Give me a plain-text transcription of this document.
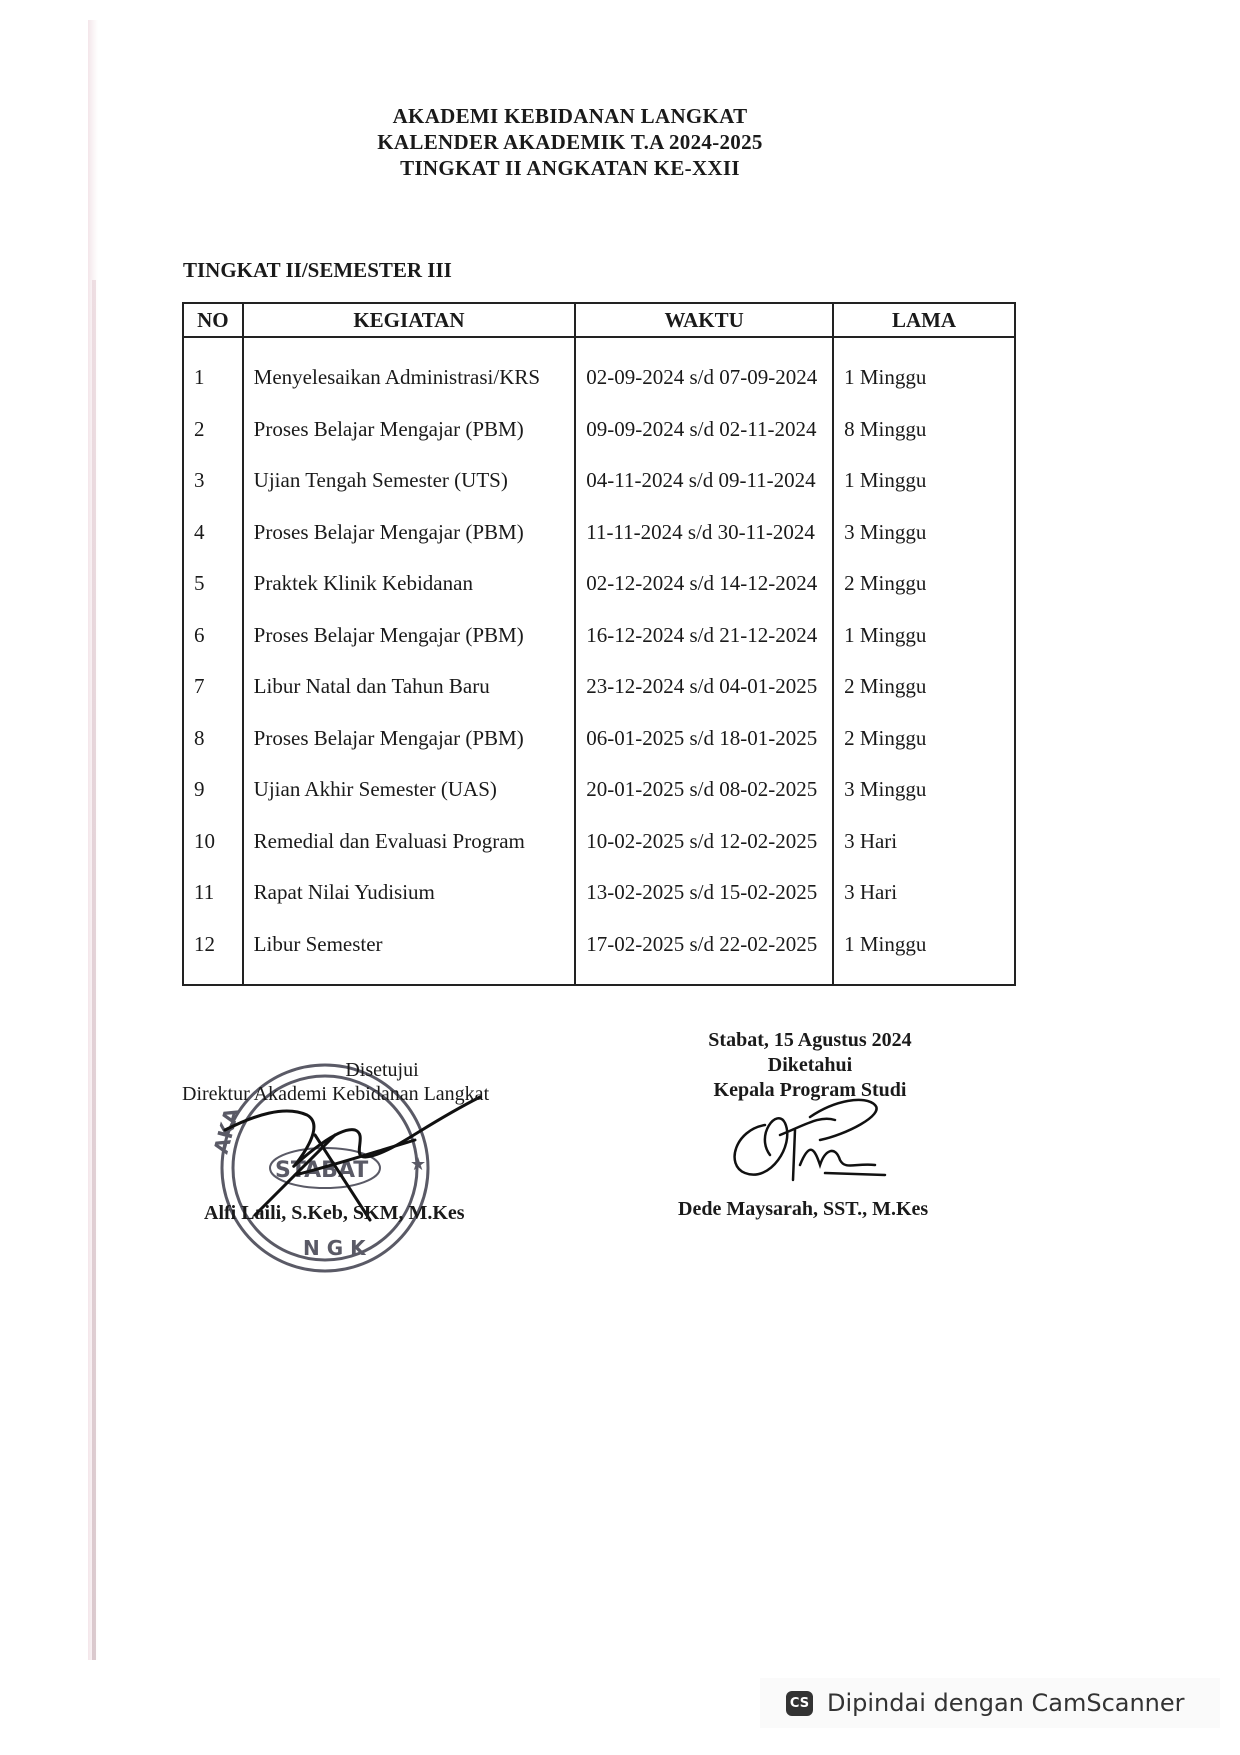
AKADEMI KEBIDANAN LANGKAT
KALENDER AKADEMIK T.A 2024-2025
TINGKAT II ANGKATAN KE-XXII
TINGKAT II/SEMESTER III
NO	KEGIATAN	WAKTU	LAMA
1	Menyelesaikan Administrasi/KRS	02-09-2024 s/d 07-09-2024	1 Minggu
2	Proses Belajar Mengajar (PBM)	09-09-2024 s/d 02-11-2024	8 Minggu
3	Ujian Tengah Semester (UTS)	04-11-2024 s/d 09-11-2024	1 Minggu
4	Proses Belajar Mengajar (PBM)	11-11-2024 s/d 30-11-2024	3 Minggu
5	Praktek Klinik Kebidanan	02-12-2024 s/d 14-12-2024	2 Minggu
6	Proses Belajar Mengajar (PBM)	16-12-2024 s/d 21-12-2024	1 Minggu
7	Libur Natal dan Tahun Baru	23-12-2024 s/d 04-01-2025	2 Minggu
8	Proses Belajar Mengajar (PBM)	06-01-2025 s/d 18-01-2025	2 Minggu
9	Ujian Akhir Semester (UAS)	20-01-2025 s/d 08-02-2025	3 Minggu
10	Remedial dan Evaluasi Program	10-02-2025 s/d 12-02-2025	3 Hari
11	Rapat Nilai Yudisium	13-02-2025 s/d 15-02-2025	3 Hari
12	Libur Semester	17-02-2025 s/d 22-02-2025	1 Minggu
AKA
STABAT
N G K
★
Disetujui
Direktur Akademi Kebidanan Langkat
Alfi Laili, S.Keb, SKM, M.Kes
Stabat, 15 Agustus 2024
Diketahui
Kepala Program Studi
Dede Maysarah, SST., M.Kes
CS Dipindai dengan CamScanner
